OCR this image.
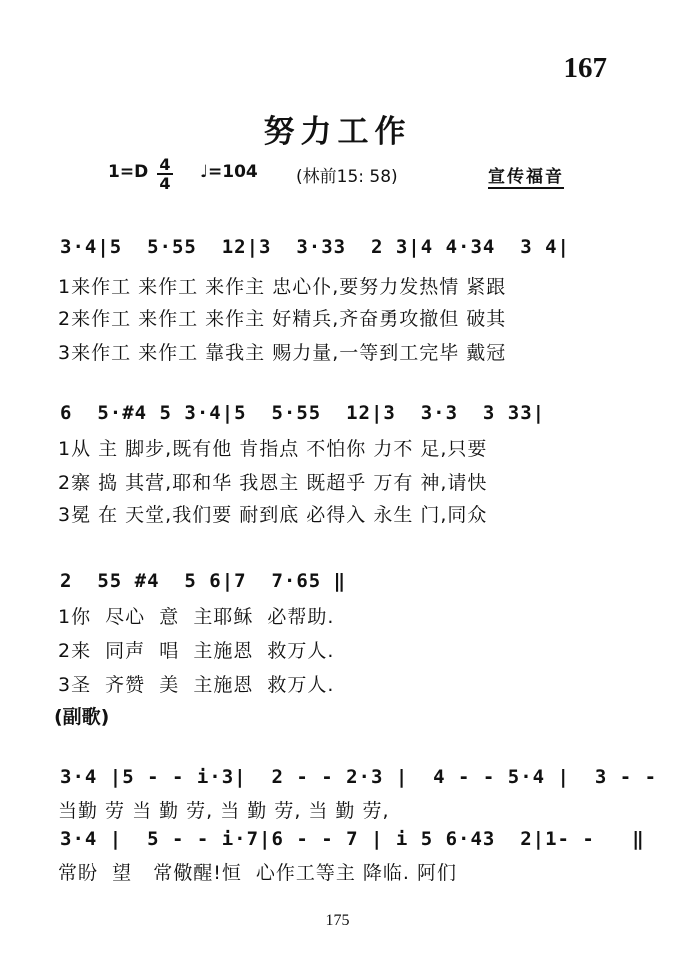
167
努力工作
1=D 4
4
♩=104 (林前15: 58)	宣传福音
3·4|5  5·55  12|3  3·33  2 3|4 4·34  3 4|
1来作工 来作工 来作主 忠心仆,要努力发热情 紧跟
2来作工 来作工 来作主 好精兵,齐奋勇攻撤但 破其
3来作工 来作工 靠我主 赐力量,一等到工完毕 戴冠
6  5·#4 5 3·4|5  5·55  12|3  3·3  3 33|
1从 主 脚步,既有他 肯指点 不怕你 力不 足,只要
2寨 捣 其营,耶和华 我恩主 既超乎 万有 神,请快
3冕 在 天堂,我们要 耐到底 必得入 永生 门,同众
2  55 #4  5 6|7  7·65 ‖
1你  尽心  意  主耶稣  必帮助.
2来  同声  唱  主施恩  救万人.
3圣  齐赞  美  主施恩  救万人.
(副歌)
3·4 |5 - - i·3|  2 - - 2·3 |  4 - - 5·4 |  3 - -
当勤 劳 当 勤 劳, 当 勤 劳, 当 勤 劳,
3·4 |  5 - - i·7|6 - - 7 | i 5 6·43  2|1- -   ‖
常盼  望   常儆醒!恒  心作工等主 降临. 阿们
175
